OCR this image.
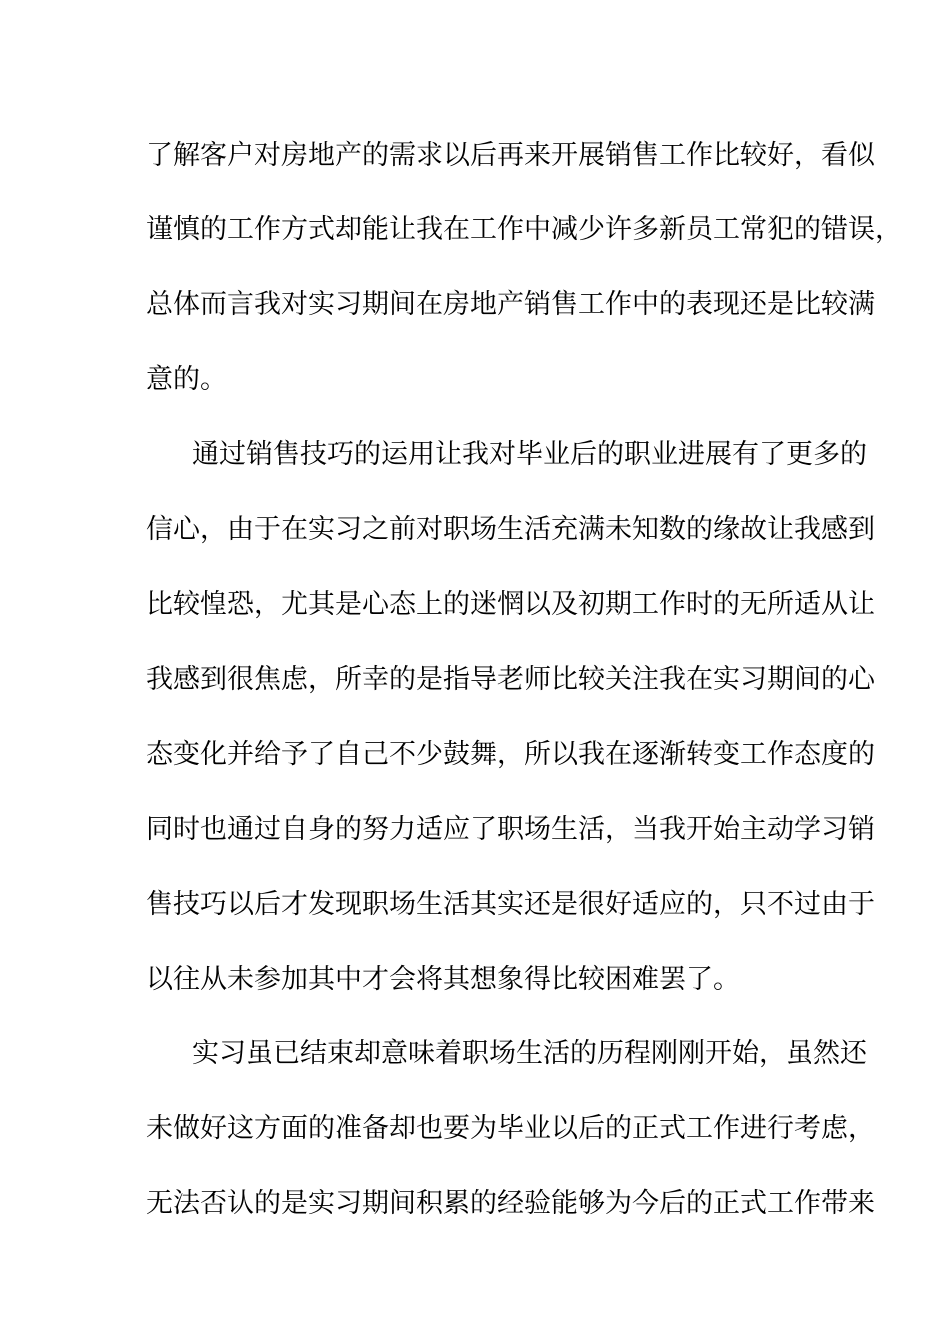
了解客户对房地产的需求以后再来开展销售工作比较好，看似
谨慎的工作方式却能让我在工作中减少许多新员工常犯的错误，
总体而言我对实习期间在房地产销售工作中的表现还是比较满
意的。
通过销售技巧的运用让我对毕业后的职业进展有了更多的
信心，由于在实习之前对职场生活充满未知数的缘故让我感到
比较惶恐，尤其是心态上的迷惘以及初期工作时的无所适从让
我感到很焦虑，所幸的是指导老师比较关注我在实习期间的心
态变化并给予了自己不少鼓舞，所以我在逐渐转变工作态度的
同时也通过自身的努力适应了职场生活，当我开始主动学习销
售技巧以后才发现职场生活其实还是很好适应的，只不过由于
以往从未参加其中才会将其想象得比较困难罢了。
实习虽已结束却意味着职场生活的历程刚刚开始，虽然还
未做好这方面的准备却也要为毕业以后的正式工作进行考虑，
无法否认的是实习期间积累的经验能够为今后的正式工作带来
